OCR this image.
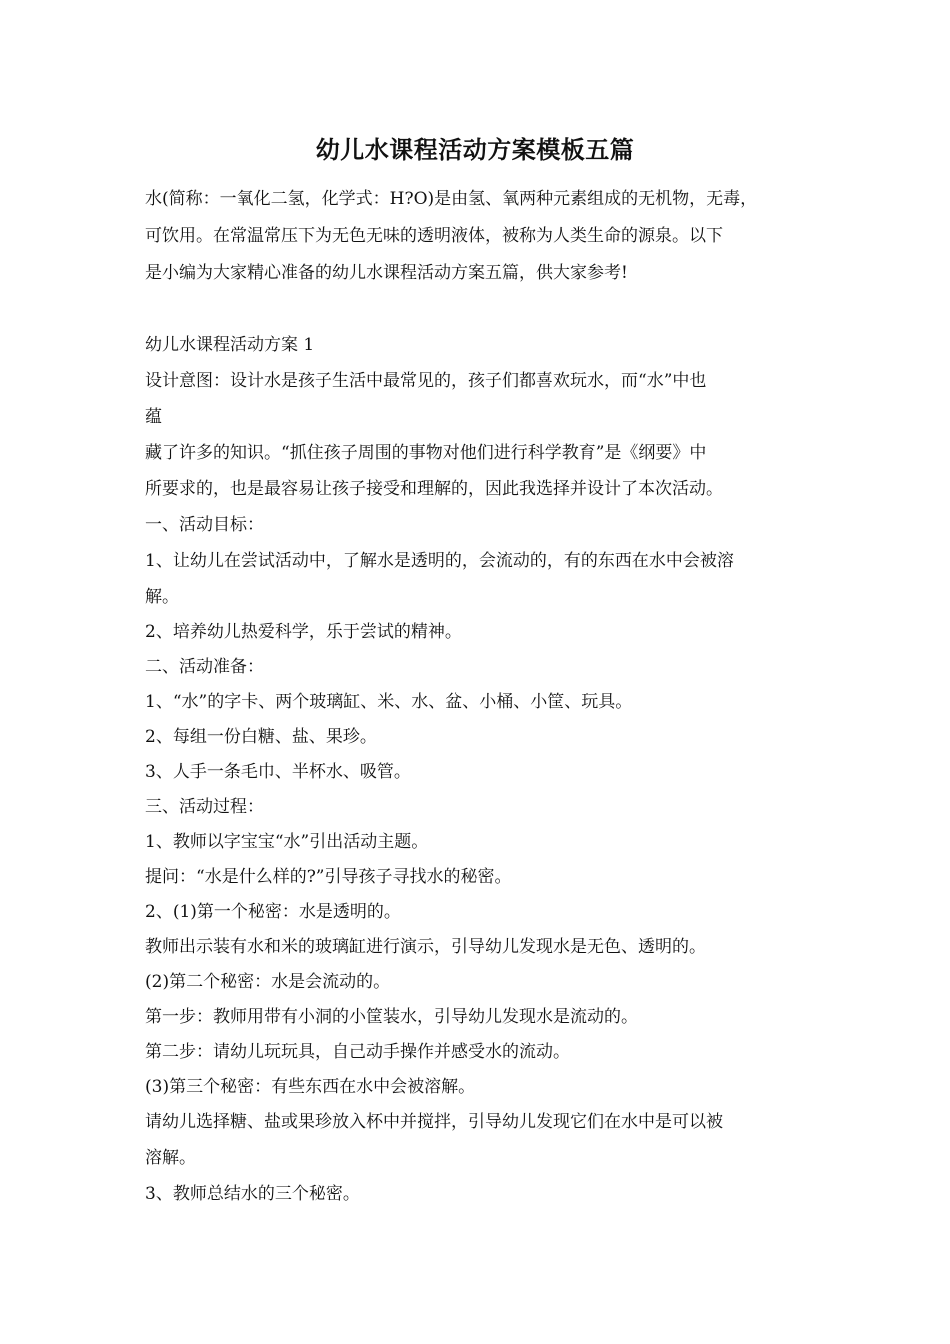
幼儿水课程活动方案模板五篇
水(简称：一氧化二氢，化学式：H?O)是由氢、氧两种元素组成的无机物，无毒，
可饮用。在常温常压下为无色无味的透明液体，被称为人类生命的源泉。以下
是小编为大家精心准备的幼儿水课程活动方案五篇，供大家参考!
幼儿水课程活动方案 1
设计意图：设计水是孩子生活中最常见的，孩子们都喜欢玩水，而“水”中也
蕴
藏了许多的知识。“抓住孩子周围的事物对他们进行科学教育”是《纲要》中
所要求的，也是最容易让孩子接受和理解的，因此我选择并设计了本次活动。
一、活动目标：
1、让幼儿在尝试活动中，了解水是透明的，会流动的，有的东西在水中会被溶
解。
2、培养幼儿热爱科学，乐于尝试的精神。
二、活动准备：
1、“水”的字卡、两个玻璃缸、米、水、盆、小桶、小筐、玩具。
2、每组一份白糖、盐、果珍。
3、人手一条毛巾、半杯水、吸管。
三、活动过程：
1、教师以字宝宝“水”引出活动主题。
提问：“水是什么样的?”引导孩子寻找水的秘密。
2、(1)第一个秘密：水是透明的。
教师出示装有水和米的玻璃缸进行演示，引导幼儿发现水是无色、透明的。
(2)第二个秘密：水是会流动的。
第一步：教师用带有小洞的小筐装水，引导幼儿发现水是流动的。
第二步：请幼儿玩玩具，自己动手操作并感受水的流动。
(3)第三个秘密：有些东西在水中会被溶解。
请幼儿选择糖、盐或果珍放入杯中并搅拌，引导幼儿发现它们在水中是可以被
溶解。
3、教师总结水的三个秘密。
